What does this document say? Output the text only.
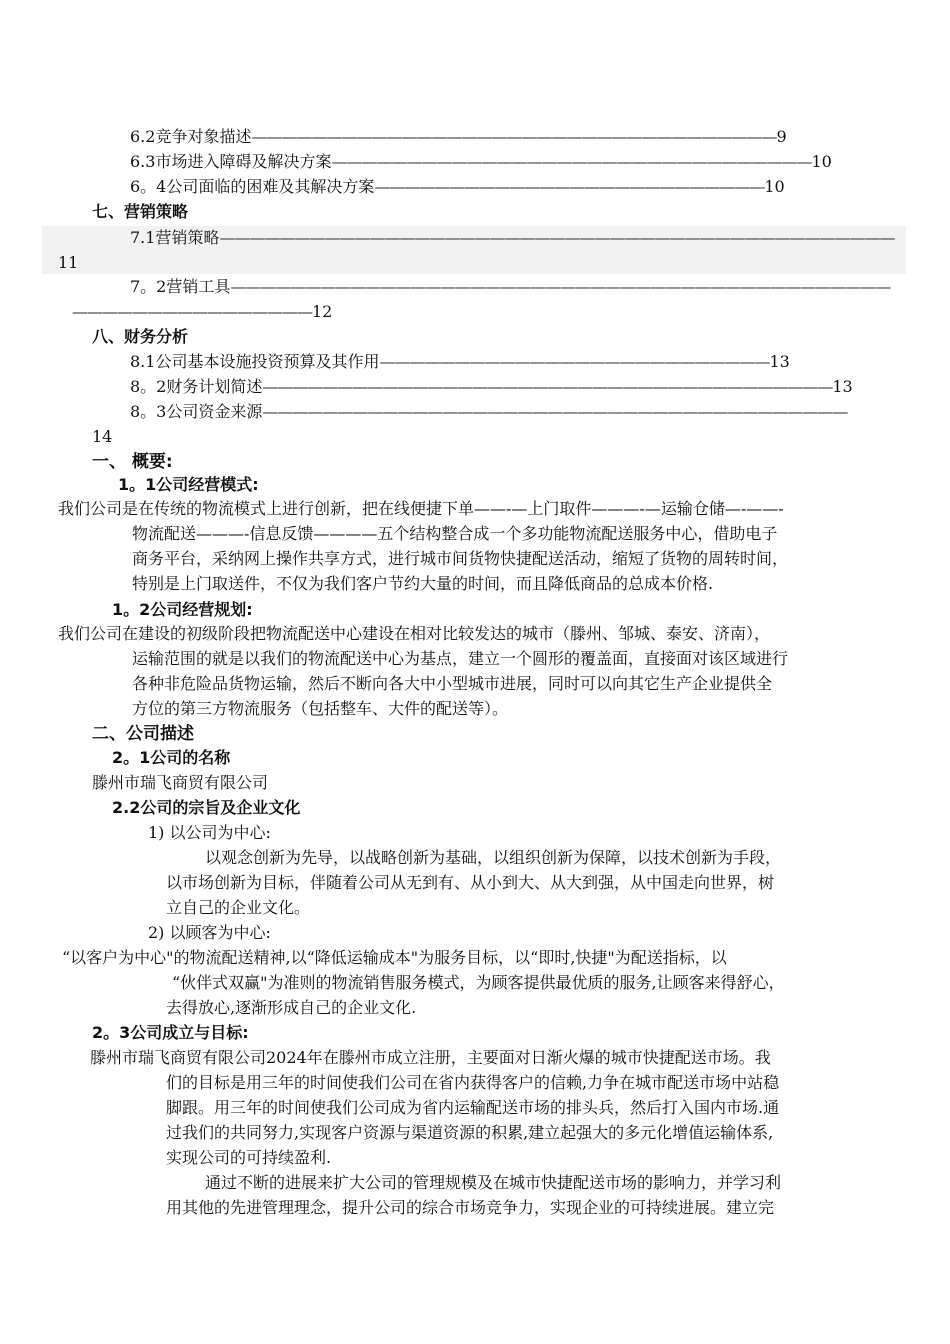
6.2竞争对象描述———————————————————————————————————9
6.3市场进入障碍及解决方案————————————————————————————————10
6。4公司面临的困难及其解决方案——————————————————————————10
七、营销策略
7.1营销策略—————————————————————————————————————————————
11
7。2营销工具————————————————————————————————————————————
————————————————12
八、财务分析
8.1公司基本设施投资预算及其作用——————————————————————————13
8。2财务计划简述——————————————————————————————————————13
8。3公司资金来源———————————————————————————————————————
14
一、 概要:
1。1公司经营模式:
我们公司是在传统的物流模式上进行创新，把在线便捷下单——-—上门取件———-—运输仓储—-——-
物流配送———-信息反馈————五个结构整合成一个多功能物流配送服务中心，借助电子
商务平台，采纳网上操作共享方式，进行城市间货物快捷配送活动，缩短了货物的周转时间，
特别是上门取送件，不仅为我们客户节约大量的时间，而且降低商品的总成本价格.
1。2公司经营规划:
我们公司在建设的初级阶段把物流配送中心建设在相对比较发达的城市（滕州、邹城、泰安、济南），
运输范围的就是以我们的物流配送中心为基点，建立一个圆形的覆盖面，直接面对该区域进行
各种非危险品货物运输，然后不断向各大中小型城市进展，同时可以向其它生产企业提供全
方位的第三方物流服务（包括整车、大件的配送等）。
二、公司描述
2。1公司的名称
滕州市瑞飞商贸有限公司
2.2公司的宗旨及企业文化
1) 以公司为中心:
以观念创新为先导，以战略创新为基础，以组织创新为保障，以技术创新为手段，
以市场创新为目标，伴随着公司从无到有、从小到大、从大到强，从中国走向世界，树
立自己的企业文化。
2) 以顾客为中心:
“以客户为中心"的物流配送精神,以“降低运输成本"为服务目标，以“即时,快捷"为配送指标，以
“伙伴式双赢"为准则的物流销售服务模式，为顾客提供最优质的服务,让顾客来得舒心，
去得放心,逐渐形成自己的企业文化.
2。3公司成立与目标:
滕州市瑞飞商贸有限公司2024年在滕州市成立注册，主要面对日渐火爆的城市快捷配送市场。我
们的目标是用三年的时间使我们公司在省内获得客户的信赖,力争在城市配送市场中站稳
脚跟。用三年的时间使我们公司成为省内运输配送市场的排头兵，然后打入国内市场.通
过我们的共同努力,实现客户资源与渠道资源的积累,建立起强大的多元化增值运输体系,
实现公司的可持续盈利.
通过不断的进展来扩大公司的管理规模及在城市快捷配送市场的影响力，并学习利
用其他的先进管理理念，提升公司的综合市场竞争力，实现企业的可持续进展。建立完
